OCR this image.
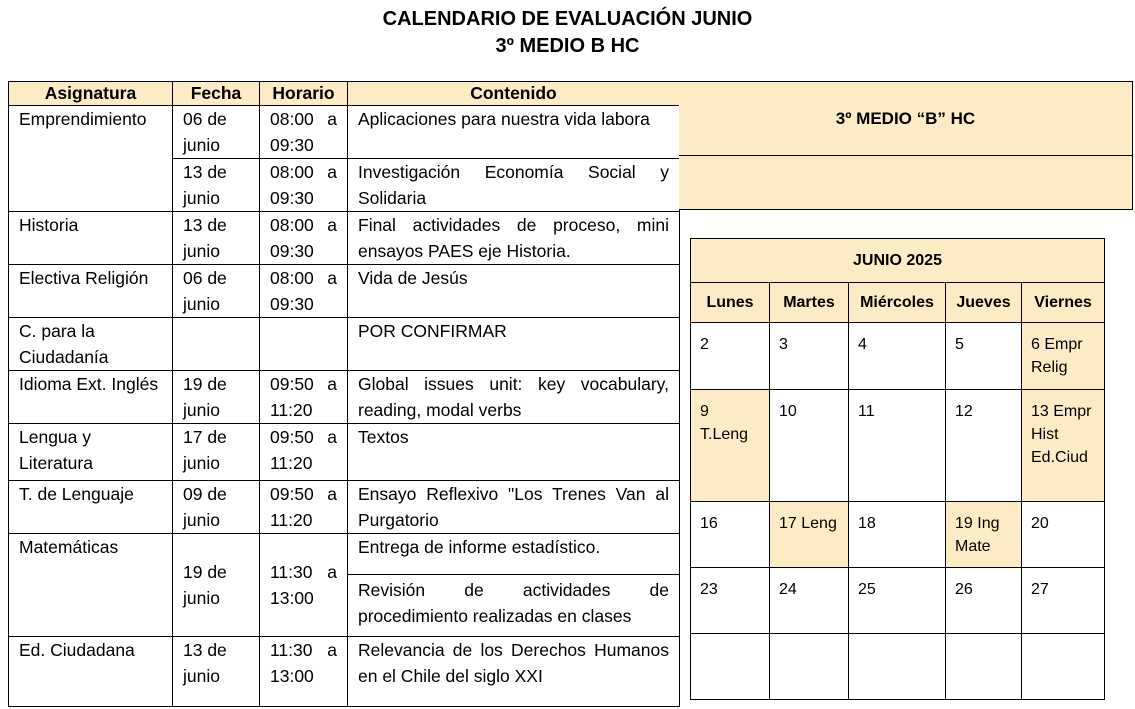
CALENDARIO DE EVALUACIÓN JUNIO
3º MEDIO B HC
Asignatura	Fecha	Horario	Contenido
Emprendimiento	06 de junio	08:00 a 09:30	Aplicaciones para nuestra vida labora
	13 de junio	08:00 a 09:30	Investigación Economía Social y Solidaria
Historia	13 de junio	08:00 a 09:30	Final actividades de proceso, mini ensayos PAES eje Historia.
Electiva Religión	06 de junio	08:00 a 09:30	Vida de Jesús
C. para la Ciudadanía			POR CONFIRMAR
Idioma Ext. Inglés	19 de junio	09:50 a 11:20	Global issues unit: key vocabulary, reading, modal verbs
Lengua y Literatura	17 de junio	09:50 a 11:20	Textos
T. de Lenguaje	09 de junio	09:50 a 11:20	Ensayo Reflexivo "Los Trenes Van al Purgatorio
Matemáticas	19 de junio	11:30 a 13:00	Entrega de informe estadístico.
			Revisión de actividades de procedimiento realizadas en clases
Ed. Ciudadana	13 de junio	11:30 a 13:00	Relevancia de los Derechos Humanos en el Chile del siglo XXI
3º MEDIO “B” HC
JUNIO 2025				
Lunes	Martes	Miércoles	Jueves	Viernes
2	3	4	5	6 Empr Relig
9 T.Leng	10	11	12	13 Empr Hist Ed.Ciud
16	17 Leng	18	19 Ing Mate	20
23	24	25	26	27
